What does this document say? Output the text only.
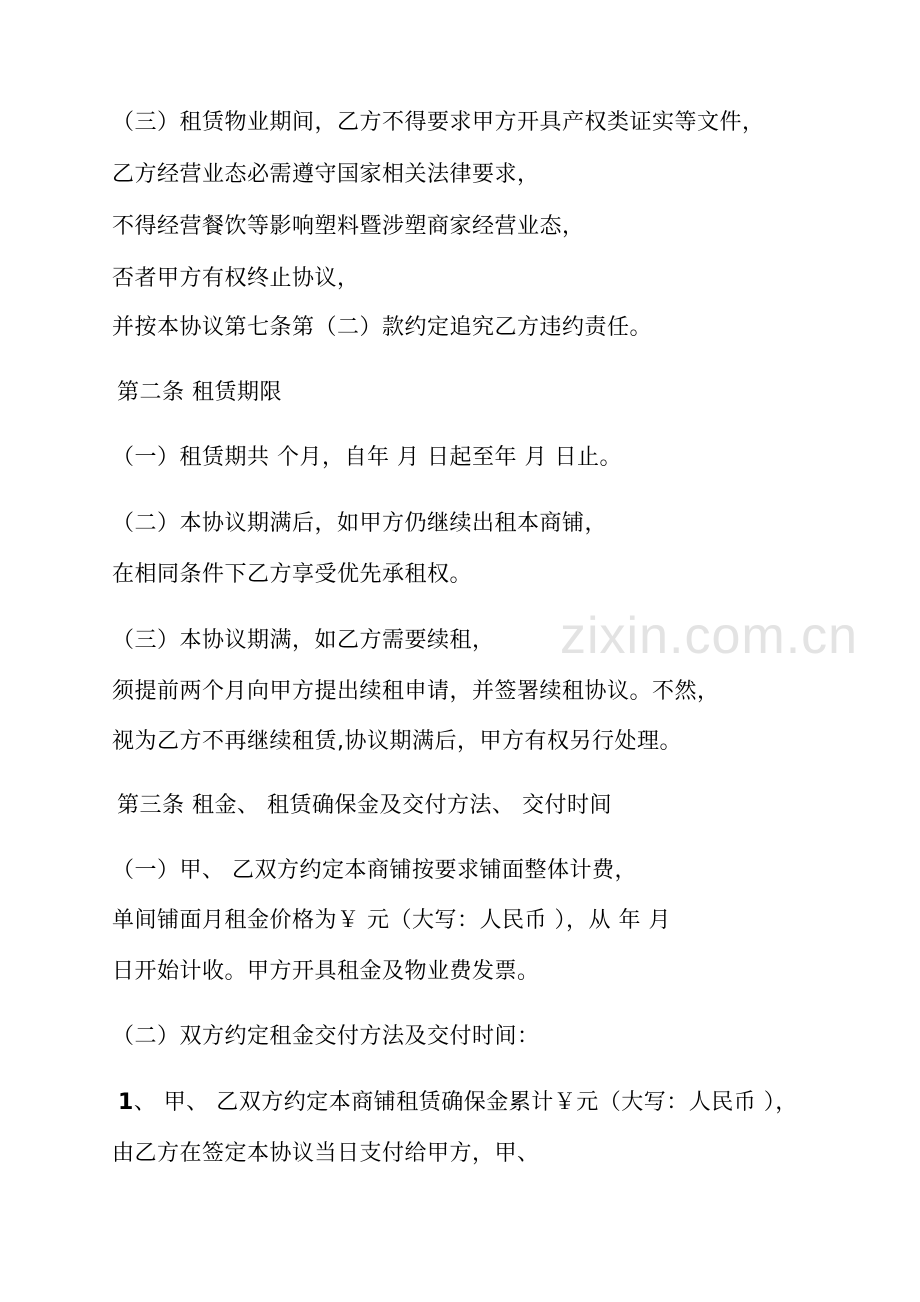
zixin.com.cn
（三）租赁物业期间，乙方不得要求甲方开具产权类证实等文件，
乙方经营业态必需遵守国家相关法律要求，
不得经营餐饮等影响塑料暨涉塑商家经营业态，
否者甲方有权终止协议，
并按本协议第七条第（二）款约定追究乙方违约责任。
第二条 租赁期限
（一）租赁期共 个月，自年 月 日起至年 月 日止。
（二）本协议期满后，如甲方仍继续出租本商铺，
在相同条件下乙方享受优先承租权。
（三）本协议期满，如乙方需要续租，
须提前两个月向甲方提出续租申请，并签署续租协议。不然，
视为乙方不再继续租赁,协议期满后，甲方有权另行处理。
第三条 租金、 租赁确保金及交付方法、 交付时间
（一）甲、 乙双方约定本商铺按要求铺面整体计费，
单间铺面月租金价格为￥ 元（大写：人民币 ），从 年 月
日开始计收。甲方开具租金及物业费发票。
（二）双方约定租金交付方法及交付时间：
1、 甲、 乙双方约定本商铺租赁确保金累计￥元（大写：人民币 ），
由乙方在签定本协议当日支付给甲方，甲、
